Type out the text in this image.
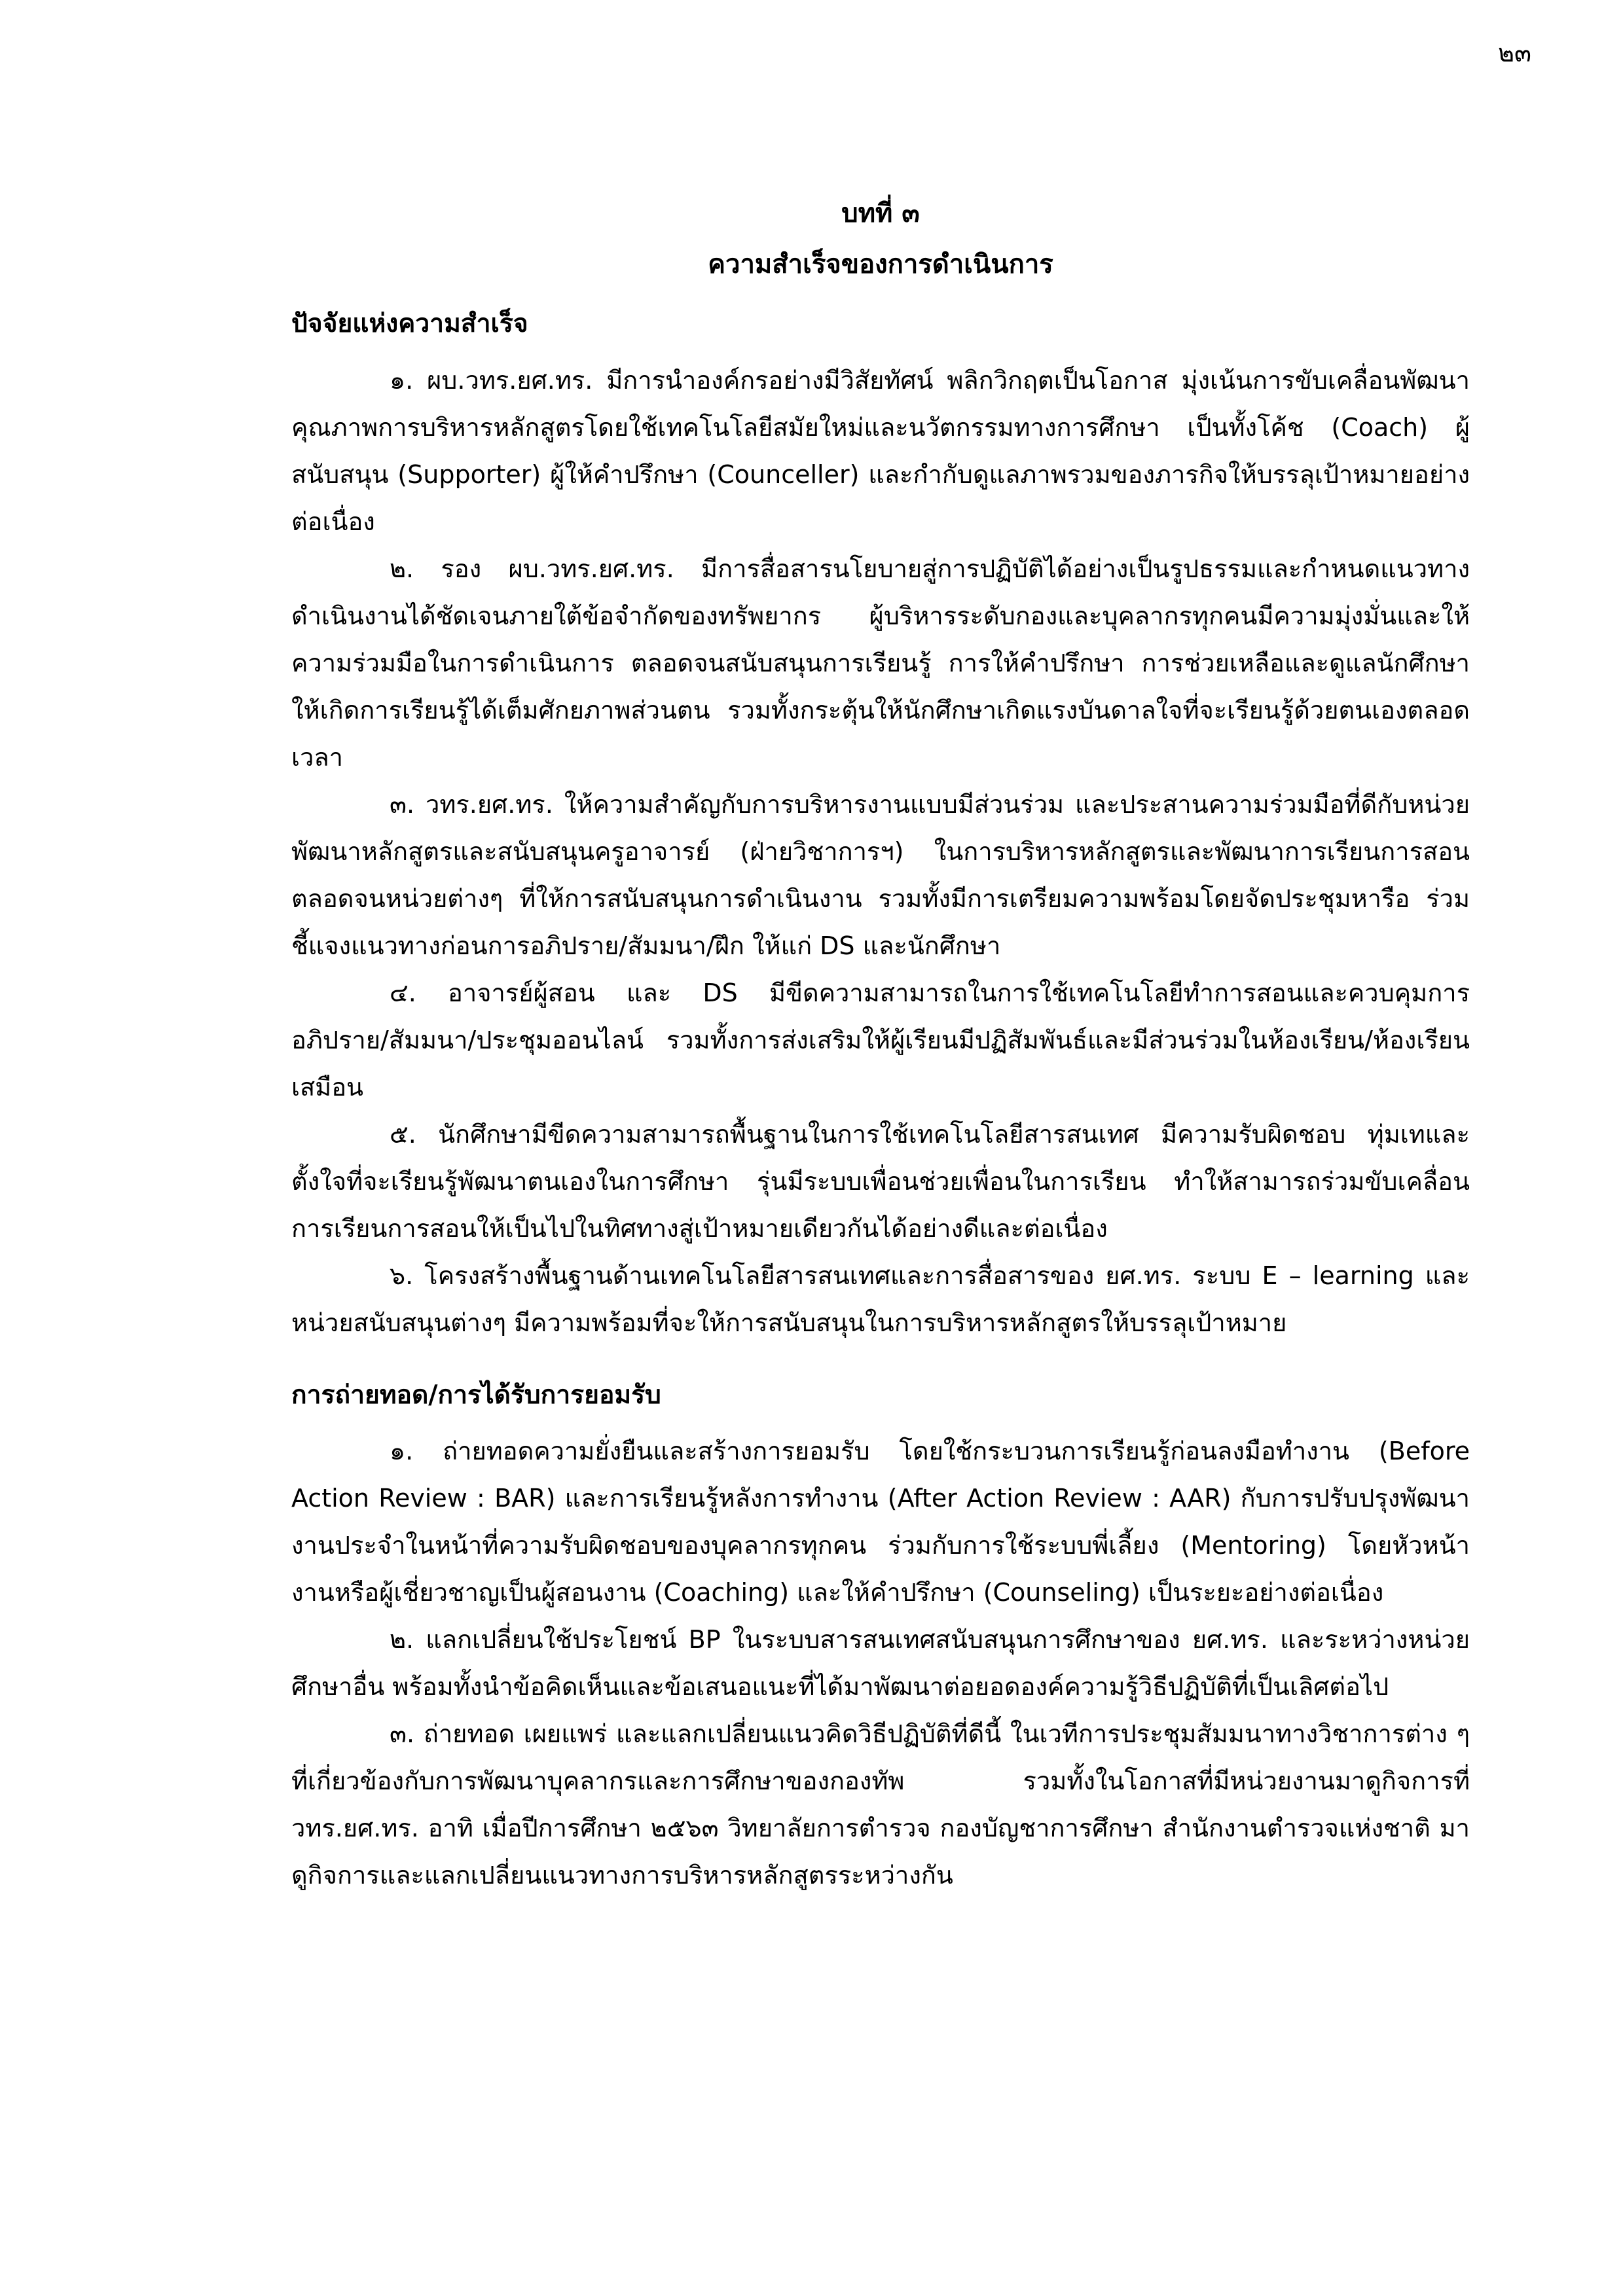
๒๓
บทที่ ๓
ความสำเร็จของการดำเนินการ
ปัจจัยแห่งความสำเร็จ

๑. ผบ.วทร.ยศ.ทร. มีการนำองค์กรอย่างมีวิสัยทัศน์ พลิกวิกฤตเป็นโอกาส มุ่งเน้นการขับเคลื่อนพัฒนาคุณภาพการบริหารหลักสูตรโดยใช้เทคโนโลยีสมัยใหม่และนวัตกรรมทางการศึกษา เป็นทั้งโค้ช (Coach) ผู้สนับสนุน (Supporter) ผู้ให้คำปรึกษา (Counceller) และกำกับดูแลภาพรวมของภารกิจให้บรรลุเป้าหมายอย่างต่อเนื่อง

๒. รอง ผบ.วทร.ยศ.ทร. มีการสื่อสารนโยบายสู่การปฏิบัติได้อย่างเป็นรูปธรรมและกำหนดแนวทางดำเนินงานได้ชัดเจนภายใต้ข้อจำกัดของทรัพยากร ผู้บริหารระดับกองและบุคลากรทุกคนมีความมุ่งมั่นและให้ความร่วมมือในการดำเนินการ ตลอดจนสนับสนุนการเรียนรู้ การให้คำปรึกษา การช่วยเหลือและดูแลนักศึกษาให้เกิดการเรียนรู้ได้เต็มศักยภาพส่วนตน รวมทั้งกระตุ้นให้นักศึกษาเกิดแรงบันดาลใจที่จะเรียนรู้ด้วยตนเองตลอดเวลา

๓. วทร.ยศ.ทร. ให้ความสำคัญกับการบริหารงานแบบมีส่วนร่วม และประสานความร่วมมือที่ดีกับหน่วยพัฒนาหลักสูตรและสนับสนุนครูอาจารย์ (ฝ่ายวิชาการฯ) ในการบริหารหลักสูตรและพัฒนาการเรียนการสอน ตลอดจนหน่วยต่างๆ ที่ให้การสนับสนุนการดำเนินงาน รวมทั้งมีการเตรียมความพร้อมโดยจัดประชุมหารือ ร่วมชี้แจงแนวทางก่อนการอภิปราย/สัมมนา/ฝึก ให้แก่ DS และนักศึกษา

๔. อาจารย์ผู้สอน และ DS มีขีดความสามารถในการใช้เทคโนโลยีทำการสอนและควบคุมการอภิปราย/สัมมนา/ประชุมออนไลน์ รวมทั้งการส่งเสริมให้ผู้เรียนมีปฏิสัมพันธ์และมีส่วนร่วมในห้องเรียน/ห้องเรียนเสมือน

๕. นักศึกษามีขีดความสามารถพื้นฐานในการใช้เทคโนโลยีสารสนเทศ มีความรับผิดชอบ ทุ่มเทและตั้งใจที่จะเรียนรู้พัฒนาตนเองในการศึกษา รุ่นมีระบบเพื่อนช่วยเพื่อนในการเรียน ทำให้สามารถร่วมขับเคลื่อนการเรียนการสอนให้เป็นไปในทิศทางสู่เป้าหมายเดียวกันได้อย่างดีและต่อเนื่อง

๖. โครงสร้างพื้นฐานด้านเทคโนโลยีสารสนเทศและการสื่อสารของ ยศ.ทร. ระบบ E – learning และหน่วยสนับสนุนต่างๆ มีความพร้อมที่จะให้การสนับสนุนในการบริหารหลักสูตรให้บรรลุเป้าหมาย

การถ่ายทอด/การได้รับการยอมรับ

๑. ถ่ายทอดความยั่งยืนและสร้างการยอมรับ โดยใช้กระบวนการเรียนรู้ก่อนลงมือทำงาน (Before Action Review : BAR) และการเรียนรู้หลังการทำงาน (After Action Review : AAR) กับการปรับปรุงพัฒนางานประจำในหน้าที่ความรับผิดชอบของบุคลากรทุกคน ร่วมกับการใช้ระบบพี่เลี้ยง (Mentoring) โดยหัวหน้างานหรือผู้เชี่ยวชาญเป็นผู้สอนงาน (Coaching) และให้คำปรึกษา (Counseling) เป็นระยะอย่างต่อเนื่อง

๒. แลกเปลี่ยนใช้ประโยชน์ BP ในระบบสารสนเทศสนับสนุนการศึกษาของ ยศ.ทร. และระหว่างหน่วยศึกษาอื่น พร้อมทั้งนำข้อคิดเห็นและข้อเสนอแนะที่ได้มาพัฒนาต่อยอดองค์ความรู้วิธีปฏิบัติที่เป็นเลิศต่อไป

๓. ถ่ายทอด เผยแพร่ และแลกเปลี่ยนแนวคิดวิธีปฏิบัติที่ดีนี้ ในเวทีการประชุมสัมมนาทางวิชาการต่าง ๆ ที่เกี่ยวข้องกับการพัฒนาบุคลากรและการศึกษาของกองทัพ รวมทั้งในโอกาสที่มีหน่วยงานมาดูกิจการที่ วทร.ยศ.ทร. อาทิ เมื่อปีการศึกษา ๒๕๖๓ วิทยาลัยการตำรวจ กองบัญชาการศึกษา สำนักงานตำรวจแห่งชาติ มาดูกิจการและแลกเปลี่ยนแนวทางการบริหารหลักสูตรระหว่างกัน
